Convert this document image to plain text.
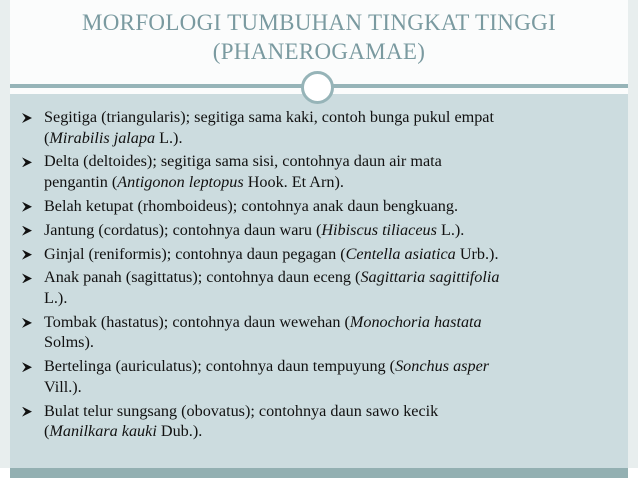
MORFOLOGI TUMBUHAN TINGKAT TINGGI
(PHANEROGAMAE)
Segitiga (triangularis); segitiga sama kaki, contoh bunga pukul empat
(Mirabilis jalapa L.).
Delta (deltoides); segitiga sama sisi, contohnya daun air mata
pengantin (Antigonon leptopus Hook. Et Arn).
Belah ketupat (rhomboideus); contohnya anak daun bengkuang.
Jantung (cordatus); contohnya daun waru (Hibiscus tiliaceus L.).
Ginjal (reniformis); contohnya daun pegagan (Centella asiatica Urb.).
Anak panah (sagittatus); contohnya daun eceng (Sagittaria sagittifolia
L.).
Tombak (hastatus); contohnya daun wewehan (Monochoria hastata
Solms).
Bertelinga (auriculatus); contohnya daun tempuyung (Sonchus asper
Vill.).
Bulat telur sungsang (obovatus); contohnya daun sawo kecik
(Manilkara kauki Dub.).
